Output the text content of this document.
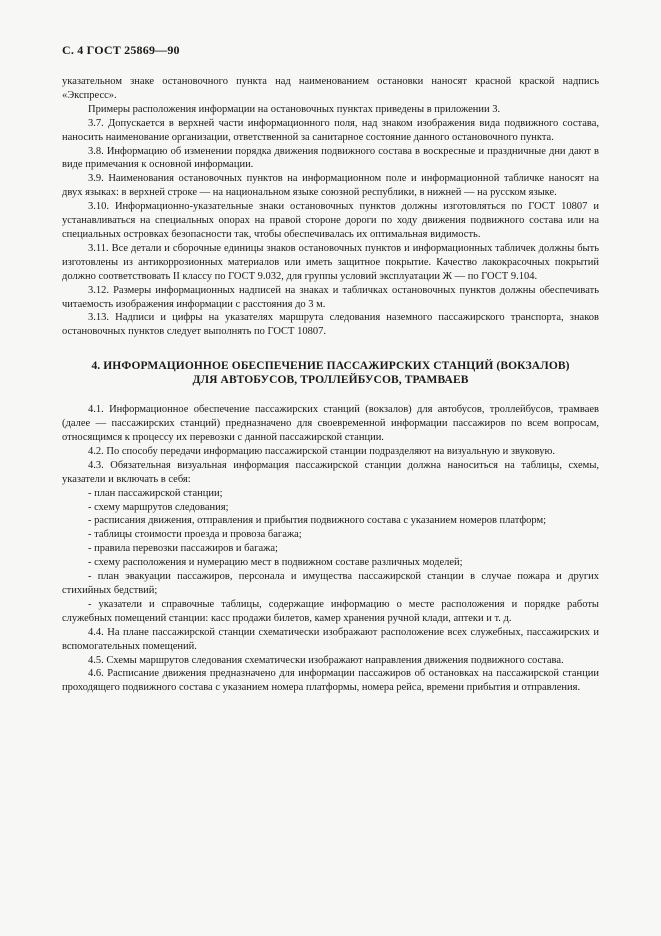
С. 4 ГОСТ 25869—90

указательном знаке остановочного пункта над наименованием остановки наносят красной краской надпись «Экспресс».

Примеры расположения информации на остановочных пунктах приведены в приложении 3.

3.7. Допускается в верхней части информационного поля, над знаком изображения вида подвижного состава, наносить наименование организации, ответственной за санитарное состояние данного остановочного пункта.

3.8. Информацию об изменении порядка движения подвижного состава в воскресные и праздничные дни дают в виде примечания к основной информации.

3.9. Наименования остановочных пунктов на информационном поле и информационной табличке наносят на двух языках: в верхней строке — на национальном языке союзной республики, в нижней — на русском языке.

3.10. Информационно-указательные знаки остановочных пунктов должны изготовляться по ГОСТ 10807 и устанавливаться на специальных опорах на правой стороне дороги по ходу движения подвижного состава или на специальных островках безопасности так, чтобы обеспечивалась их оптимальная видимость.

3.11. Все детали и сборочные единицы знаков остановочных пунктов и информационных табличек должны быть изготовлены из антикоррозионных материалов или иметь защитное покрытие. Качество лакокрасочных покрытий должно соответствовать II классу по ГОСТ 9.032, для группы условий эксплуатации Ж — по ГОСТ 9.104.

3.12. Размеры информационных надписей на знаках и табличках остановочных пунктов должны обеспечивать читаемость изображения информации с расстояния до 3 м.

3.13. Надписи и цифры на указателях маршрута следования наземного пассажирского транспорта, знаков остановочных пунктов следует выполнять по ГОСТ 10807.

4. ИНФОРМАЦИОННОЕ ОБЕСПЕЧЕНИЕ ПАССАЖИРСКИХ СТАНЦИЙ (ВОКЗАЛОВ)
ДЛЯ АВТОБУСОВ, ТРОЛЛЕЙБУСОВ, ТРАМВАЕВ

4.1. Информационное обеспечение пассажирских станций (вокзалов) для автобусов, троллейбусов, трамваев (далее — пассажирских станций) предназначено для своевременной информации пассажиров по всем вопросам, относящимся к процессу их перевозки с данной пассажирской станции.

4.2. По способу передачи информацию пассажирской станции подразделяют на визуальную и звуковую.

4.3. Обязательная визуальная информация пассажирской станции должна наноситься на таблицы, схемы, указатели и включать в себя:

- план пассажирской станции;

- схему маршрутов следования;

- расписания движения, отправления и прибытия подвижного состава с указанием номеров платформ;

- таблицы стоимости проезда и провоза багажа;

- правила перевозки пассажиров и багажа;

- схему расположения и нумерацию мест в подвижном составе различных моделей;

- план эвакуации пассажиров, персонала и имущества пассажирской станции в случае пожара и других стихийных бедствий;

- указатели и справочные таблицы, содержащие информацию о месте расположения и порядке работы служебных помещений станции: касс продажи билетов, камер хранения ручной клади, аптеки и т. д.

4.4. На плане пассажирской станции схематически изображают расположение всех служебных, пассажирских и вспомогательных помещений.

4.5. Схемы маршрутов следования схематически изображают направления движения подвижного состава.

4.6. Расписание движения предназначено для информации пассажиров об остановках на пассажирской станции проходящего подвижного состава с указанием номера платформы, номера рейса, времени прибытия и отправления.
